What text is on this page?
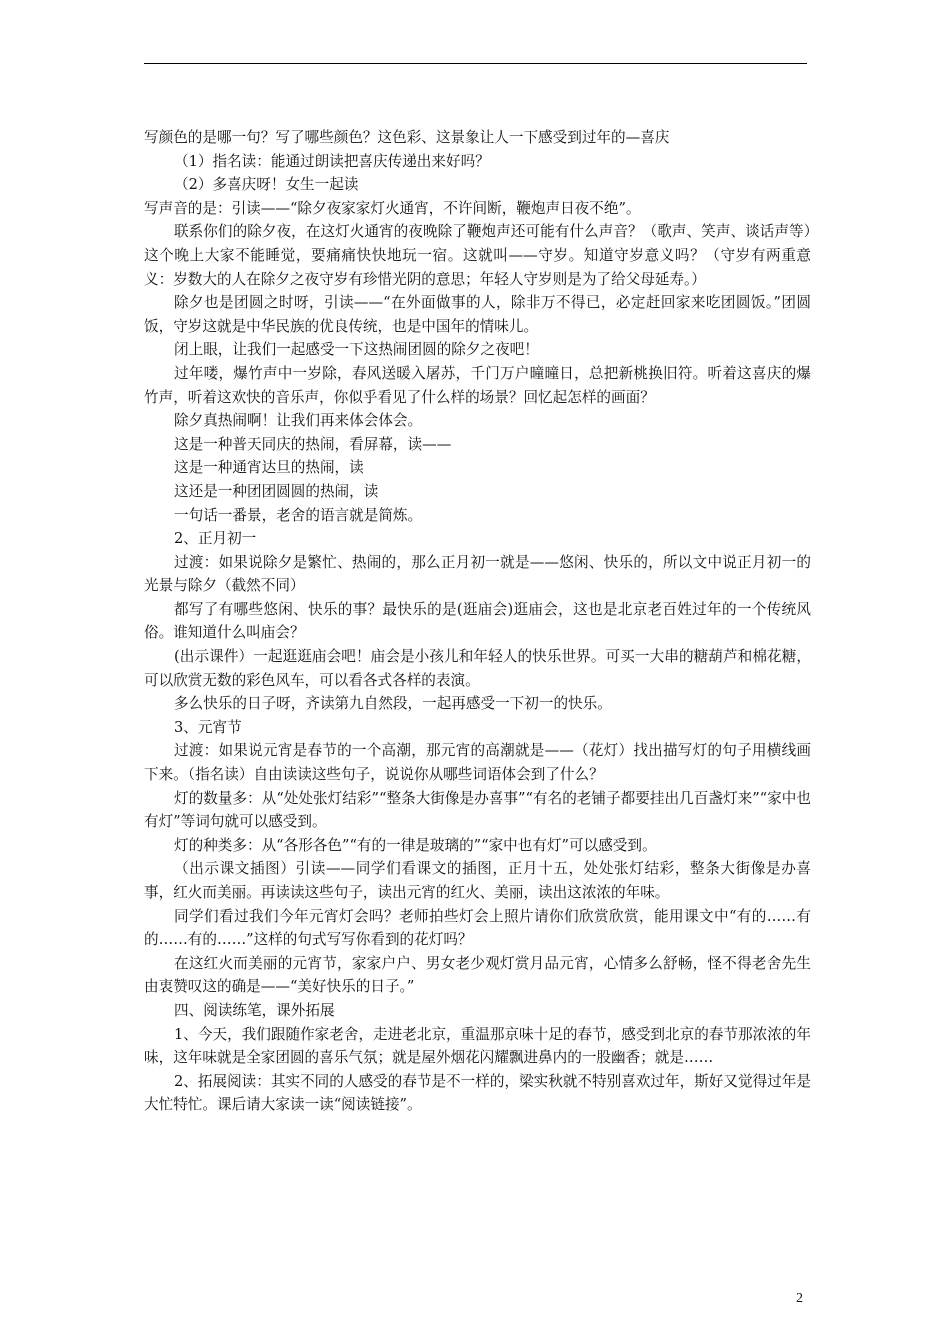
写颜色的是哪一句？写了哪些颜色？这色彩、这景象让人一下感受到过年的—喜庆

（1）指名读：能通过朗读把喜庆传递出来好吗？

（2）多喜庆呀！女生一起读

写声音的是：引读——“除夕夜家家灯火通宵，不许间断，鞭炮声日夜不绝”。

联系你们的除夕夜，在这灯火通宵的夜晚除了鞭炮声还可能有什么声音？（歌声、笑声、谈话声等）这个晚上大家不能睡觉，要痛痛快快地玩一宿。这就叫——守岁。知道守岁意义吗？（守岁有两重意义：岁数大的人在除夕之夜守岁有珍惜光阴的意思；年轻人守岁则是为了给父母延寿。）

除夕也是团圆之时呀，引读——“在外面做事的人，除非万不得已，必定赶回家来吃团圆饭。”团圆饭，守岁这就是中华民族的优良传统，也是中国年的情味儿。

闭上眼，让我们一起感受一下这热闹团圆的除夕之夜吧！

过年喽，爆竹声中一岁除，春风送暖入屠苏，千门万户曈曈日，总把新桃换旧符。听着这喜庆的爆竹声，听着这欢快的音乐声，你似乎看见了什么样的场景？回忆起怎样的画面？

除夕真热闹啊！让我们再来体会体会。

这是一种普天同庆的热闹，看屏幕，读——

这是一种通宵达旦的热闹，读

这还是一种团团圆圆的热闹，读

一句话一番景，老舍的语言就是简炼。

2、正月初一

过渡：如果说除夕是繁忙、热闹的，那么正月初一就是——悠闲、快乐的，所以文中说正月初一的光景与除夕（截然不同）

都写了有哪些悠闲、快乐的事？最快乐的是(逛庙会)逛庙会，这也是北京老百姓过年的一个传统风俗。谁知道什么叫庙会？

(出示课件）一起逛逛庙会吧！庙会是小孩儿和年轻人的快乐世界。可买一大串的糖葫芦和棉花糖，可以欣赏无数的彩色风车，可以看各式各样的表演。

多么快乐的日子呀，齐读第九自然段，一起再感受一下初一的快乐。

3、元宵节

过渡：如果说元宵是春节的一个高潮，那元宵的高潮就是——（花灯）找出描写灯的句子用横线画下来。（指名读）自由读读这些句子，说说你从哪些词语体会到了什么？

灯的数量多：从“处处张灯结彩”“整条大街像是办喜事”“有名的老铺子都要挂出几百盏灯来”“家中也有灯”等词句就可以感受到。

灯的种类多：从“各形各色”“有的一律是玻璃的”“家中也有灯”可以感受到。

（出示课文插图）引读——同学们看课文的插图，正月十五，处处张灯结彩，整条大街像是办喜事，红火而美丽。再读读这些句子，读出元宵的红火、美丽，读出这浓浓的年味。

同学们看过我们今年元宵灯会吗？老师拍些灯会上照片请你们欣赏欣赏，能用课文中“有的……有的……有的……”这样的句式写写你看到的花灯吗？

在这红火而美丽的元宵节，家家户户、男女老少观灯赏月品元宵，心情多么舒畅，怪不得老舍先生由衷赞叹这的确是——“美好快乐的日子。”

四、阅读练笔，课外拓展

1、今天，我们跟随作家老舍，走进老北京，重温那京味十足的春节，感受到北京的春节那浓浓的年味，这年味就是全家团圆的喜乐气氛；就是屋外烟花闪耀飘进鼻内的一股幽香；就是……

2、拓展阅读：其实不同的人感受的春节是不一样的，梁实秋就不特别喜欢过年，斯好又觉得过年是大忙特忙。课后请大家读一读“阅读链接”。

2
